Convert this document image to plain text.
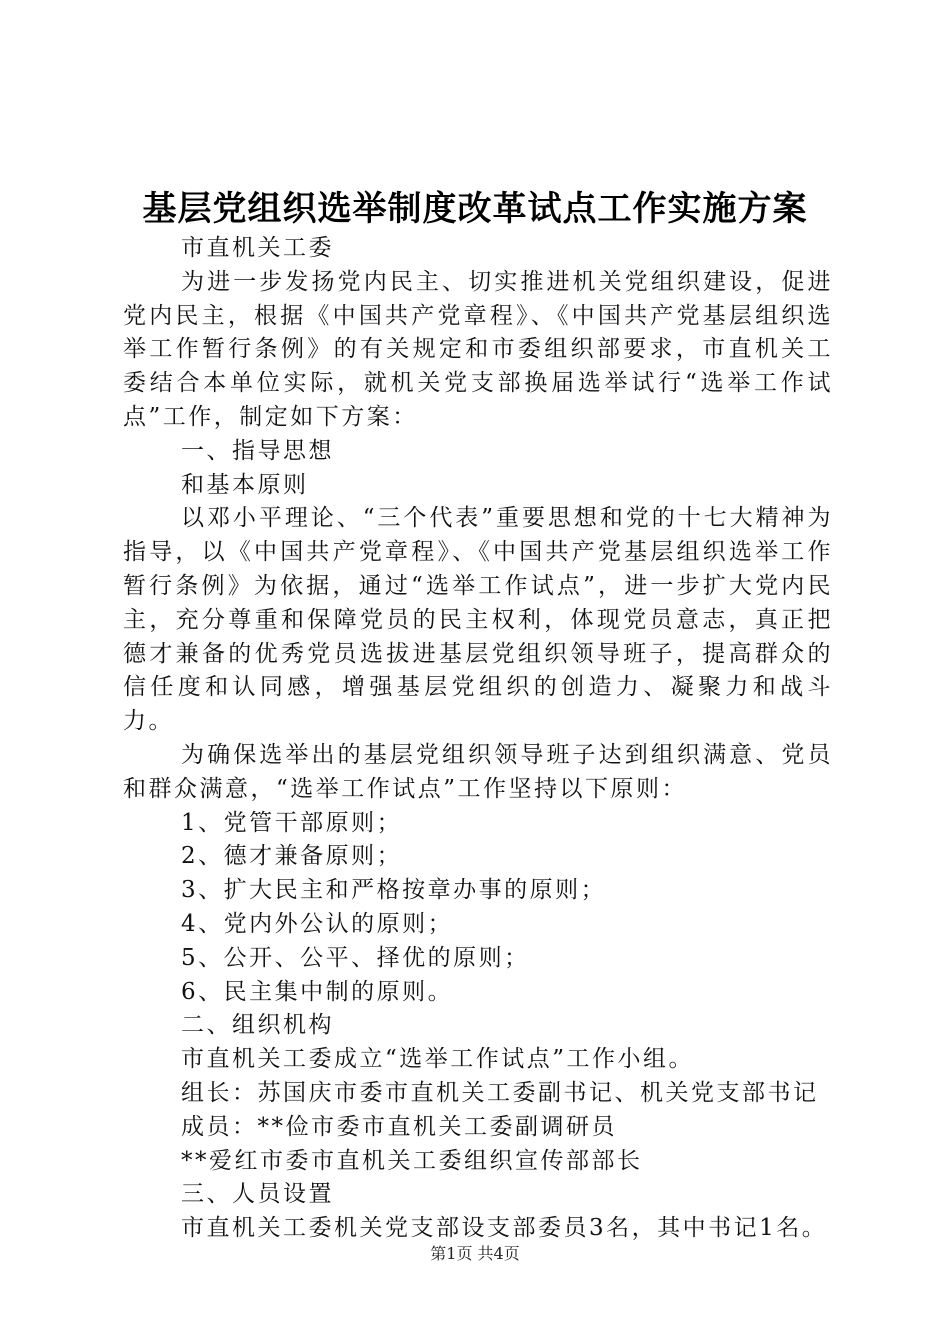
基层党组织选举制度改革试点工作实施方案

市直机关工委

为进一步发扬党内民主、切实推进机关党组织建设，促进党内民主，根据《中国共产党章程》、《中国共产党基层组织选举工作暂行条例》的有关规定和市委组织部要求，市直机关工委结合本单位实际，就机关党支部换届选举试行“选举工作试点”工作，制定如下方案：

一、指导思想

和基本原则

以邓小平理论、“三个代表”重要思想和党的十七大精神为指导，以《中国共产党章程》、《中国共产党基层组织选举工作暂行条例》为依据，通过“选举工作试点”，进一步扩大党内民主，充分尊重和保障党员的民主权利，体现党员意志，真正把德才兼备的优秀党员选拔进基层党组织领导班子，提高群众的信任度和认同感，增强基层党组织的创造力、凝聚力和战斗力。

为确保选举出的基层党组织领导班子达到组织满意、党员和群众满意，“选举工作试点”工作坚持以下原则：

1、党管干部原则；

2、德才兼备原则；

3、扩大民主和严格按章办事的原则；

4、党内外公认的原则；

5、公开、公平、择优的原则；

6、民主集中制的原则。

二、组织机构

市直机关工委成立“选举工作试点”工作小组。

组长：苏国庆市委市直机关工委副书记、机关党支部书记

成员：**俭市委市直机关工委副调研员

**爱红市委市直机关工委组织宣传部部长

三、人员设置

市直机关工委机关党支部设支部委员3名，其中书记1名。

第1页 共4页
